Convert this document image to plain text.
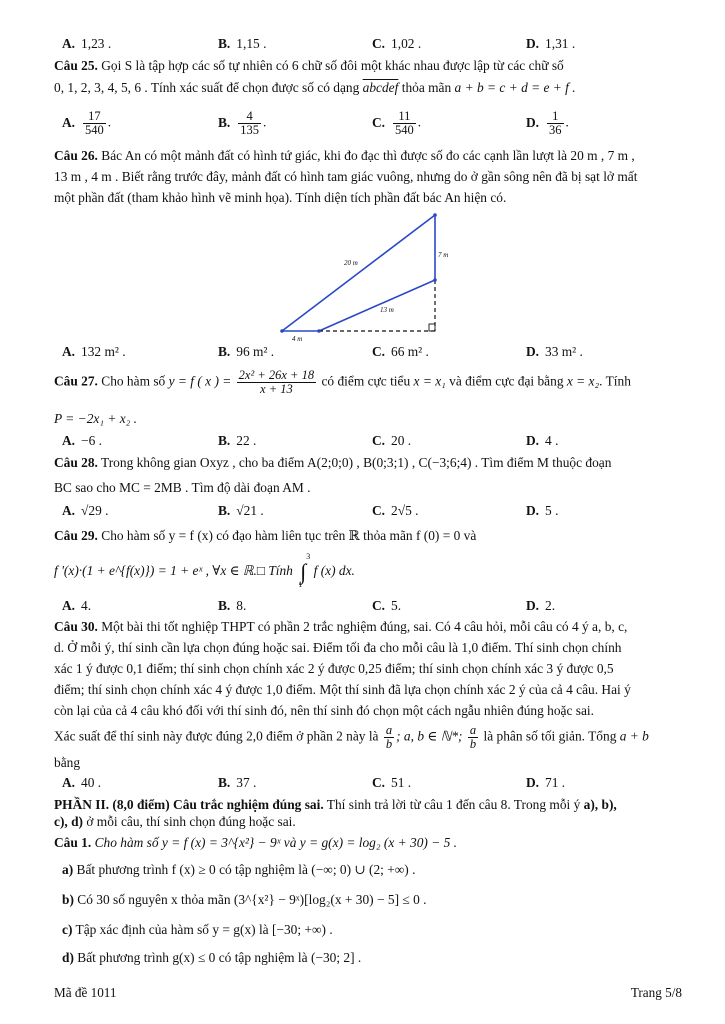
A. 1,23 .	B. 1,15 .	C. 1,02 .	D. 1,31 .
Câu 25. Gọi S là tập hợp các số tự nhiên có 6 chữ số đôi một khác nhau được lập từ các chữ số
0, 1, 2, 3, 4, 5, 6 . Tính xác suất để chọn được số có dạng abcdef thỏa mãn a + b = c + d = e + f .
A. $\frac{17}{540}$ .	B. $\frac{4}{135}$ .	C. $\frac{11}{540}$ .	D. $\frac{1}{36}$ .
Câu 26. Bác An có một mảnh đất có hình tứ giác, khi đo đạc thì được số đo các cạnh lần lượt là 20 m , 7 m ,
13 m , 4 m . Biết rằng trước đây, mảnh đất có hình tam giác vuông, nhưng do ở gần sông nên đã bị sạt lở mất
một phần đất (tham khảo hình vẽ minh họa). Tính diện tích phần đất bác An hiện có.
20 m
7 m
13 m
4 m
A. 132 m² .	B. 96 m² .	C. 66 m² .	D. 33 m² .
Câu 27. Cho hàm số y = f ( x ) = $\frac{\text{2x² + 26x + 18}}{x + 13}$ có điểm cực tiểu x = x₁ và điểm cực đại bằng x = x₂. Tính
P = −2x₁ + x₂ .
A. −6 .	B. 22 .	C. 20 .	D. 4 .
Câu 28. Trong không gian Oxyz , cho ba điểm A(2;0;0) , B(0;3;1) , C(−3;6;4) . Tìm điểm M thuộc đoạn
BC sao cho MC = 2MB . Tìm độ dài đoạn AM .
A. √29 .	B. √21 .	C. 2√5 .	D. 5 .
Câu 29. Cho hàm số y = f (x) có đạo hàm liên tục trên ℝ thỏa mãn f (0) = 0 và
f '(x)·(1 + e^{f(x)}) = 1 + eˣ , ∀x ∈ ℝ.□ Tính ∫
3
1
f (x) dx.
A. 4.	B. 8.	C. 5.	D. 2.
Câu 30. Một bài thi tốt nghiệp THPT có phần 2 trắc nghiệm đúng, sai. Có 4 câu hỏi, mỗi câu có 4 ý a, b, c,
d. Ở mỗi ý, thí sinh cần lựa chọn đúng hoặc sai. Điểm tối đa cho mỗi câu là 1,0 điểm. Thí sinh chọn chính
xác 1 ý được 0,1 điểm; thí sinh chọn chính xác 2 ý được 0,25 điểm; thí sinh chọn chính xác 3 ý được 0,5
điểm; thí sinh chọn chính xác 4 ý được 1,0 điểm. Một thí sinh đã lựa chọn chính xác 2 ý của cả 4 câu. Hai ý
còn lại của cả 4 câu khó đối với thí sinh đó, nên thí sinh đó chọn một cách ngẫu nhiên đúng hoặc sai.
Xác suất để thí sinh này được đúng 2,0 điểm ở phần 2 này là $\frac{a}{b}$ ; a, b ∈ ℕ*; $\frac{a}{b}$ là phân số tối giản. Tổng a + b
bằng
A. 40 .	B. 37 .	C. 51 .	D. 71 .
PHẦN II. (8,0 điểm) Câu trắc nghiệm đúng sai. Thí sinh trả lời từ câu 1 đến câu 8. Trong mỗi ý a), b),
c), d) ở mỗi câu, thí sinh chọn đúng hoặc sai.
Câu 1. Cho hàm số y = f (x) = 3^{x²} − 9ˣ và y = g(x) = log₂ (x + 30) − 5 .
a) Bất phương trình f (x) ≥ 0 có tập nghiệm là (−∞; 0) ∪ (2; +∞) .
b) Có 30 số nguyên x thỏa mãn (3^{x²} − 9ˣ)[log₂(x + 30) − 5] ≤ 0 .
c) Tập xác định của hàm số y = g(x) là [−30; +∞) .
d) Bất phương trình g(x) ≤ 0 có tập nghiệm là (−30; 2] .
Mã đề 1011	Trang 5/8
